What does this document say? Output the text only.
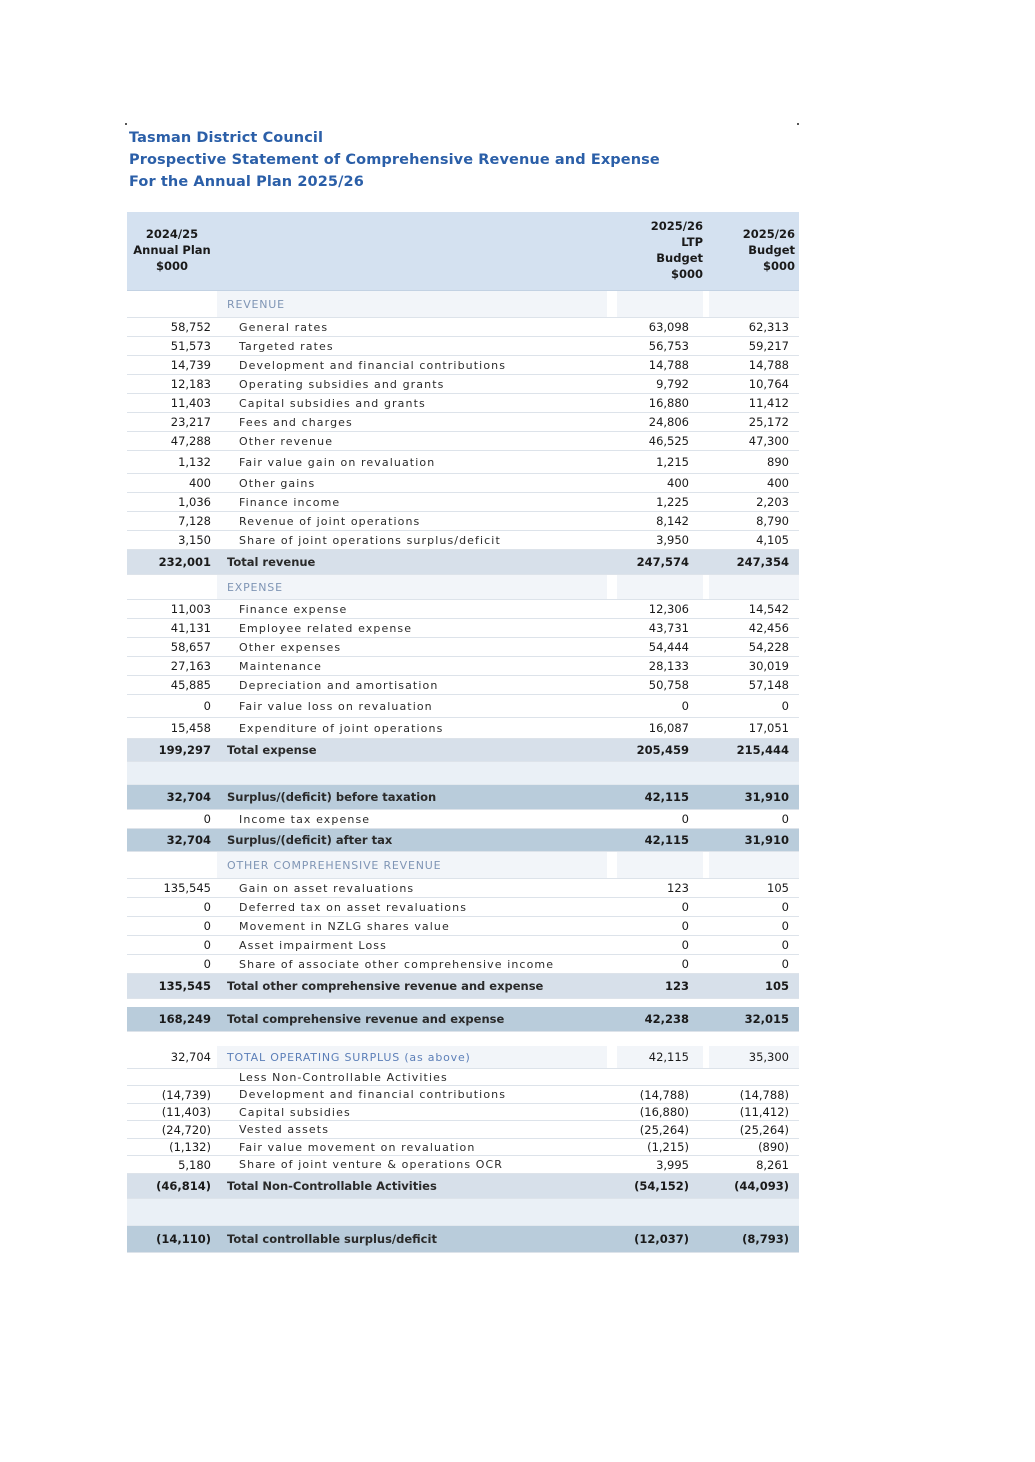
Tasman District Council
Prospective Statement of Comprehensive Revenue and Expense
For the Annual Plan 2025/26
2024/25
Annual Plan
$000
2025/26
LTP
Budget
$000
2025/26
Budget
$000
REVENUE
58,752	General rates	63,098	62,313
51,573	Targeted rates	56,753	59,217
14,739	Development and financial contributions	14,788	14,788
12,183	Operating subsidies and grants	9,792	10,764
11,403	Capital subsidies and grants	16,880	11,412
23,217	Fees and charges	24,806	25,172
47,288	Other revenue	46,525	47,300
1,132	Fair value gain on revaluation	1,215	890
400	Other gains	400	400
1,036	Finance income	1,225	2,203
7,128	Revenue of joint operations	8,142	8,790
3,150	Share of joint operations surplus/deficit	3,950	4,105
232,001 Total revenue	247,574	247,354
EXPENSE
11,003	Finance expense	12,306	14,542
41,131	Employee related expense	43,731	42,456
58,657	Other expenses	54,444	54,228
27,163	Maintenance	28,133	30,019
45,885	Depreciation and amortisation	50,758	57,148
0	Fair value loss on revaluation	0	0
15,458	Expenditure of joint operations	16,087	17,051
199,297 Total expense	205,459	215,444
32,704 Surplus/(deficit) before taxation	42,115	31,910
0	Income tax expense	0	0
32,704 Surplus/(deficit) after tax	42,115	31,910
OTHER COMPREHENSIVE REVENUE
135,545	Gain on asset revaluations	123	105
0	Deferred tax on asset revaluations	0	0
0	Movement in NZLG shares value	0	0
0	Asset impairment Loss	0	0
0	Share of associate other comprehensive income	0	0
135,545 Total other comprehensive revenue and expense	123	105
168,249 Total comprehensive revenue and expense	42,238	32,015
32,704 TOTAL OPERATING SURPLUS (as above)	42,115	35,300
Less Non-Controllable Activities
(14,739)	Development and financial contributions	(14,788)	(14,788)
(11,403)	Capital subsidies	(16,880)	(11,412)
(24,720)	Vested assets	(25,264)	(25,264)
(1,132)	Fair value movement on revaluation	(1,215)	(890)
5,180	Share of joint venture & operations OCR	3,995	8,261
(46,814) Total Non-Controllable Activities	(54,152)	(44,093)
(14,110) Total controllable surplus/deficit	(12,037)	(8,793)
